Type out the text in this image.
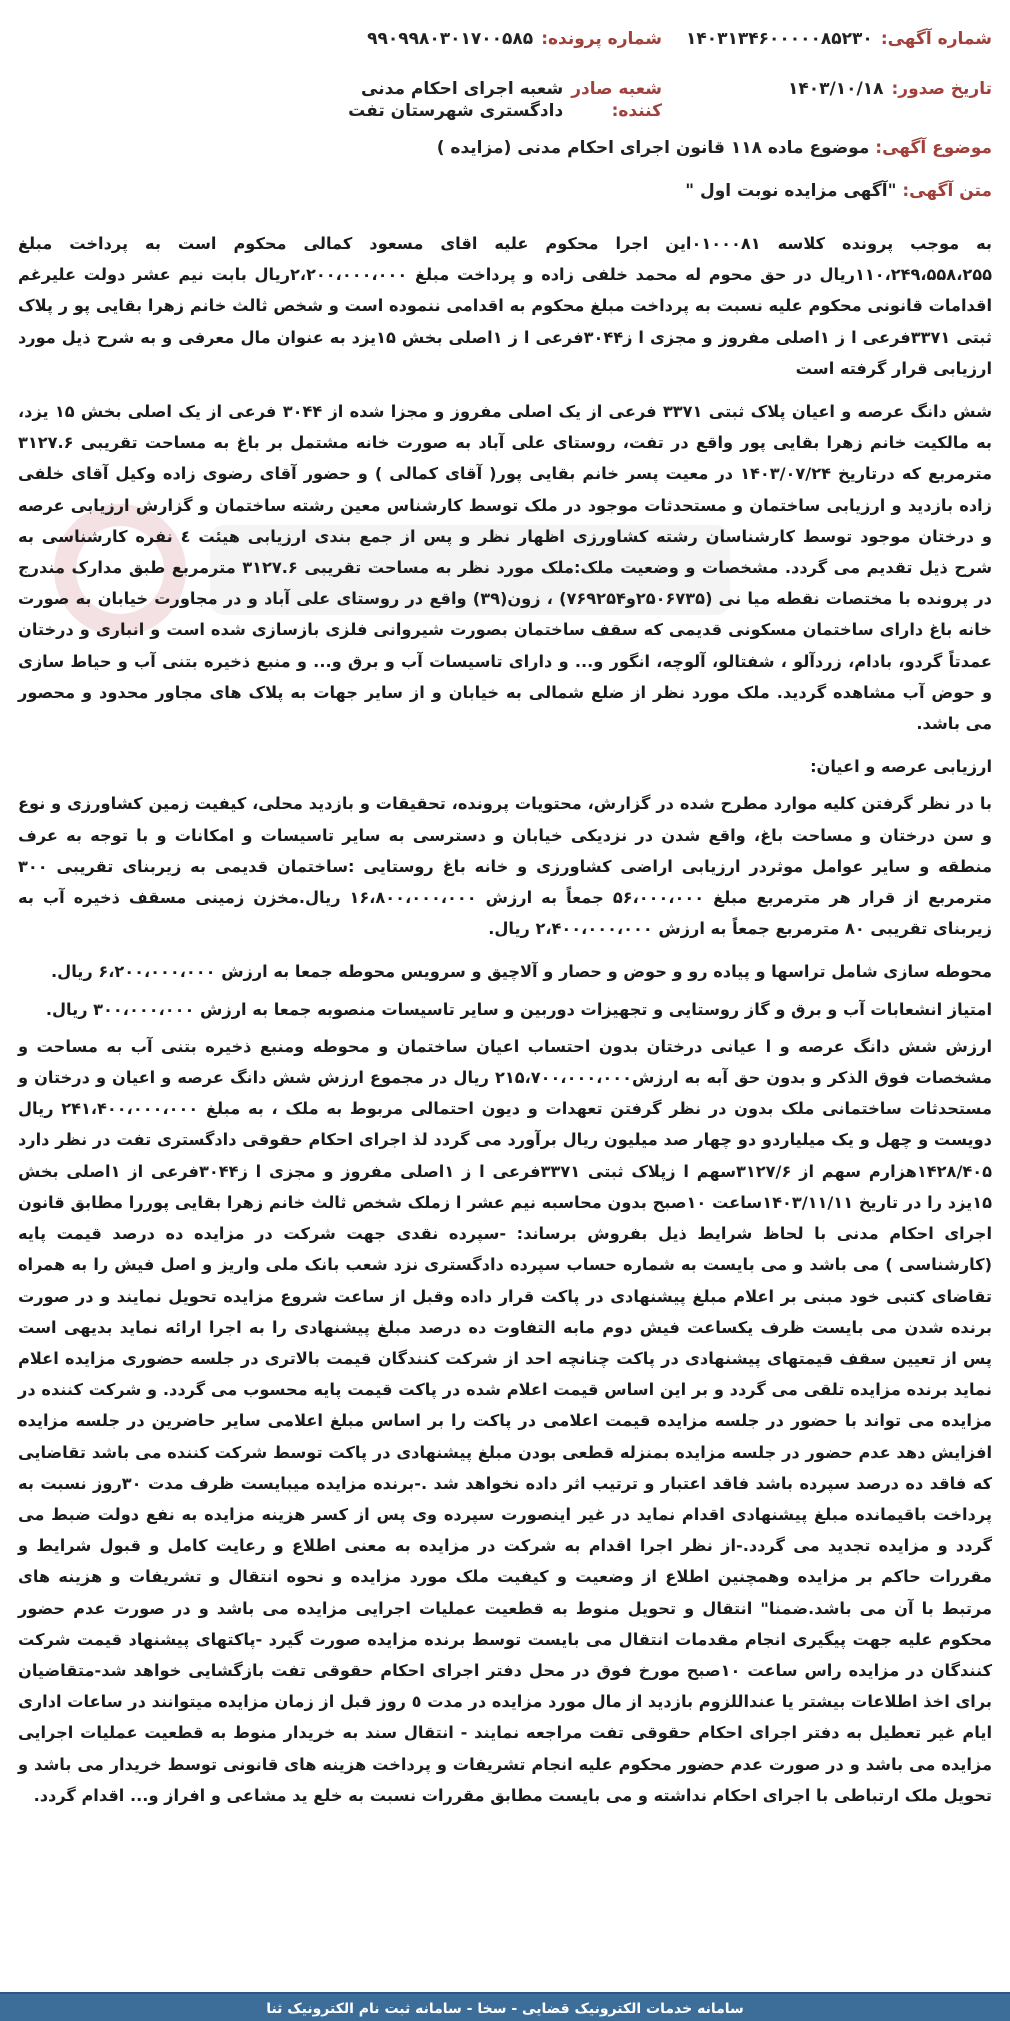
شماره آگهی:
۱۴۰۳۱۳۴۶۰۰۰۰۰۸۵۲۳۰
شماره پرونده:
۹۹۰۹۹۸۰۳۰۱۷۰۰۵۸۵
تاریخ صدور:
۱۴۰۳/۱۰/۱۸
شعبه صادر کننده:
شعبه اجرای احکام مدنی دادگستری شهرستان تفت
موضوع آگهی: موضوع ماده ۱۱۸ قانون اجرای احکام مدنی (مزایده )
متن آگهی: "آگهی مزایده نوبت اول "

به موجب پرونده کلاسه ۰۱۰۰۰۸۱این اجرا محکوم علیه اقای مسعود کمالی محکوم است به پرداخت مبلغ ۱۱۰،۲۴۹،۵۵۸،۲۵۵ریال در حق محوم له محمد خلفی زاده و پرداخت مبلغ ۲،۲۰۰،۰۰۰،۰۰۰ریال بابت نیم عشر دولت علیرغم اقدامات قانونی محکوم علیه نسبت به پرداخت مبلغ محکوم به اقدامی ننموده است و شخص ثالث خانم زهرا بقایی پو ر پلاک ثبتی ۳۳۷۱فرعی ا ز ۱اصلی مفروز و مجزی ا ز۳۰۴۴فرعی ا ز ۱اصلی بخش ۱۵یزد به عنوان مال معرفی و به شرح ذیل مورد ارزیابی قرار گرفته است

شش دانگ عرصه و اعیان پلاک ثبتی ۳۳۷۱ فرعی از یک اصلی مفروز و مجزا شده از ۳۰۴۴ فرعی از یک اصلی بخش ۱۵ یزد، به مالکیت خانم زهرا بقایی پور واقع در تفت، روستای علی آباد به صورت خانه مشتمل بر باغ به مساحت تقریبی ۳۱۲۷.۶ مترمربع که درتاریخ ۱۴۰۳/۰۷/۲۴ در معیت پسر خانم بقایی پور( آقای کمالی ) و حضور آقای رضوی زاده وکیل آقای خلفی زاده بازدید و ارزیابی ساختمان و مستحدثات موجود در ملک توسط کارشناس معین رشته ساختمان و گزارش ارزیابی عرصه و درختان موجود توسط کارشناسان رشته کشاورزی اظهار نظر و پس از جمع بندی ارزیابی هیئت ٤ نفره کارشناسی به شرح ذیل تقدیم می گردد. مشخصات و وضعیت ملک:ملک مورد نظر به مساحت تقریبی ۳۱۲۷.۶ مترمربع طبق مدارک مندرج در پرونده با مختصات نقطه میا نی (۲۵۰۶۷۳۵و۷۶۹۲۵۴) ، زون(۳۹) واقع در روستای علی آباد و در مجاورت خیابان به صورت خانه باغ دارای ساختمان مسکونی قدیمی که سقف ساختمان بصورت شیروانی فلزی بازسازی شده است و انباری و درختان عمدتاً گردو، بادام، زردآلو ، شفتالو، آلوچه، انگور و... و دارای تاسیسات آب و برق و... و منبع ذخیره بتنی آب و حیاط سازی و حوض آب مشاهده گردید. ملک مورد نظر از ضلع شمالی به خیابان و از سایر جهات به پلاک های مجاور محدود و محصور می باشد.

ارزیابی عرصه و اعیان:

با در نظر گرفتن کلیه موارد مطرح شده در گزارش، محتویات پرونده، تحقیقات و بازدید محلی، کیفیت زمین کشاورزی و نوع و سن درختان و مساحت باغ، واقع شدن در نزدیکی خیابان و دسترسی به سایر تاسیسات و امکانات و با توجه به عرف منطقه و سایر عوامل موثردر ارزیابی اراضی کشاورزی و خانه باغ روستایی :ساختمان قدیمی به زیربنای تقریبی ۳۰۰ مترمربع از قرار هر مترمربع مبلغ ۵۶،۰۰۰،۰۰۰ جمعاً به ارزش ۱۶،۸۰۰،۰۰۰،۰۰۰ ریال.مخزن زمینی مسقف ذخیره آب به زیربنای تقریبی ۸۰ مترمربع جمعاً به ارزش ۲،۴۰۰،۰۰۰،۰۰۰ ریال.

محوطه سازی شامل تراسها و پیاده رو و حوض و حصار و آلاچیق و سرویس محوطه جمعا به ارزش ۶،۲۰۰،۰۰۰،۰۰۰ ریال.

امتیاز انشعابات آب و برق و گاز روستایی و تجهیزات دوربین و سایر تاسیسات منصوبه جمعا به ارزش ۳۰۰،۰۰۰،۰۰۰ ریال.

ارزش شش دانگ عرصه و ا عیانی درختان بدون احتساب اعیان ساختمان و محوطه ومنبع ذخیره بتنی آب به مساحت و مشخصات فوق الذکر و بدون حق آبه به ارزش۲۱۵،۷۰۰،۰۰۰،۰۰۰ ریال در مجموع ارزش شش دانگ عرصه و اعیان و درختان و مستحدثات ساختمانی ملک بدون در نظر گرفتن تعهدات و دیون احتمالی مربوط به ملک ، به مبلغ ۲۴۱،۴۰۰،۰۰۰،۰۰۰ ریال دویست و چهل و یک میلیاردو دو چهار صد میلیون ریال برآورد می گردد لذ اجرای احکام حقوقی دادگستری تفت در نظر دارد ۱۴۲۸/۴۰۵هزارم سهم از ۳۱۲۷/۶سهم ا زپلاک ثبتی ۳۳۷۱فرعی ا ز ۱اصلی مفروز و مجزی ا ز۳۰۴۴فرعی از ۱اصلی بخش ۱۵یزد را در تاریخ ۱۴۰۳/۱۱/۱۱ساعت ۱۰صبح بدون محاسبه نیم عشر ا زملک شخص ثالث خانم زهرا بقایی پوررا مطابق قانون اجرای احکام مدنی با لحاظ شرایط ذیل بفروش برساند: -سپرده نقدی جهت شرکت در مزایده ده درصد قیمت پایه (کارشناسی ) می باشد و می بایست به شماره حساب سپرده دادگستری نزد شعب بانک ملی واریز و اصل فیش را به همراه تقاضای کتبی خود مبنی بر اعلام مبلغ پیشنهادی در پاکت قرار داده وقبل از ساعت شروع مزایده تحویل نمایند و در صورت برنده شدن می بایست ظرف یکساعت فیش دوم مابه التفاوت ده درصد مبلغ پیشنهادی را به اجرا ارائه نماید بدیهی است پس از تعیین سقف قیمتهای پیشنهادی در پاکت چنانچه احد از شرکت کنندگان قیمت بالاتری در جلسه حضوری مزایده اعلام نماید برنده مزایده تلقی می گردد و بر این اساس قیمت اعلام شده در پاکت قیمت پایه محسوب می گردد. و شرکت کننده در مزایده می تواند با حضور در جلسه مزایده قیمت اعلامی در پاکت را بر اساس مبلغ اعلامی سایر حاضرین در جلسه مزایده افزایش دهد عدم حضور در جلسه مزایده بمنزله قطعی بودن مبلغ پیشنهادی در پاکت توسط شرکت کننده می باشد تقاضایی که فاقد ده درصد سپرده باشد فاقد اعتبار و ترتیب اثر داده نخواهد شد .-برنده مزایده میبایست ظرف مدت ۳۰روز نسبت به پرداخت باقیمانده مبلغ پیشنهادی اقدام نماید در غیر اینصورت سپرده وی پس از کسر هزینه مزایده به نفع دولت ضبط می گردد و مزایده تجدید می گردد.-از نظر اجرا اقدام به شرکت در مزایده به معنی اطلاع و رعایت کامل و قبول شرایط و مقررات حاکم بر مزایده وهمچنین اطلاع از وضعیت و کیفیت ملک مورد مزایده و نحوه انتقال و تشریفات و هزینه های مرتبط با آن می باشد.ضمنا" انتقال و تحویل منوط به قطعیت عملیات اجرایی مزایده می باشد و در صورت عدم حضور محکوم علیه جهت پیگیری انجام مقدمات انتقال می بایست توسط برنده مزایده صورت گیرد -پاکتهای پیشنهاد قیمت شرکت کنندگان در مزایده راس ساعت ۱۰صبح مورخ فوق در محل دفتر اجرای احکام حقوقی تفت بازگشایی خواهد شد-متقاضیان برای اخذ اطلاعات بیشتر یا عنداللزوم بازدید از مال مورد مزایده در مدت ٥ روز قبل از زمان مزایده میتوانند در ساعات اداری ایام غیر تعطیل به دفتر اجرای احکام حقوقی تفت مراجعه نمایند - انتقال سند به خریدار منوط به قطعیت عملیات اجرایی مزایده می باشد و در صورت عدم حضور محکوم علیه انجام تشریفات و پرداخت هزینه های قانونی توسط خریدار می باشد و تحویل ملک ارتباطی با اجرای احکام نداشته و می بایست مطابق مقررات نسبت به خلع ید مشاعی و افراز و... اقدام گردد.

سامانه خدمات الکترونیک قضایی - سخا - سامانه ثبت نام الکترونیک ثنا
